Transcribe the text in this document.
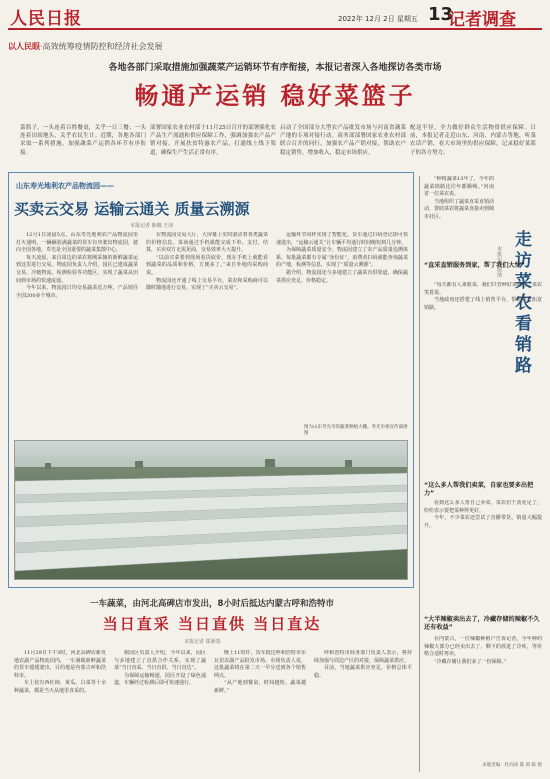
人民日报	2022年 12月 2日 星期五 13
记者调查
以人民眼·高效统筹疫情防控和经济社会发展
各地各部门采取措施加强蔬菜产运销环节有序衔接，本报记者深入各地探访各类市场
畅通产运销 稳好菜篮子
菜篮子，一头连着百姓餐桌，关乎一日三餐；一头连着田间地头，关乎农民生计。近期，各地各部门采取一系列措施，加强蔬菜产运销各环节有序衔接。
部署国家农业农村部于11月25日召开的部署强化农产品生产流通和供应保障工作，强调加强农产品产销对接，开展扶贫特惠农产品，打通线上线下渠道，确保生产生活正常有序。
启动了全国部分大型农产品批发市场与河南省蔬菜产地的专项对接行动。商务部部署国家农业农村部联合召开的同行，加强农产品产销对接，帮助农户稳定销售，增加收入，稳定市场供应。
配送半径，全力做好群众生活物资供应保障。日前，本报记者走近山东、河南、内蒙古等地，听菜农话产销，看大市场里的供应保障，记录稳好菜篮子的各方努力。
山东寿光地利农产品物流园——
买卖云交易 运输云通关 质量云溯源
本报记者 陈娜 王沛

12月1日凌晨5点，山东寿光地利农产品物流园里灯火通明。一辆辆装满蔬菜的货车有序驶出物流园，驶向全国各地。寿光是全国重要的蔬菜集散中心。

每天凌晨，来自周边的菜农将刚采摘的新鲜蔬菜运到这里进行交易。物流园负责人介绍，园区已建成蔬菜交易、冷链物流、检测检验等功能区，实现了蔬菜从田间到市场的快速流通。

今年以来，物流园日均交易蔬菜近万吨，产品销往全国200多个城市。

在物流园交易大厅，大屏幕上实时滚动着各类蔬菜的价格信息。菜商通过手机就能完成下单、支付、结算，买卖双方无需见面，交易效率大大提升。

“以前买菜要到现场看货砍价，现在手机上就能看到蔬菜的品质和价格，方便多了。”来自外地的采购商说。

物流园还开通了线上交易平台，菜农和采购商可以随时随地进行交易，实现了“买卖云交易”。

运输环节同样实现了智能化。货车通过扫码登记即可快速进出，“运输云通关”让车辆平均通行时间缩短到几分钟。

为保障蔬菜质量安全，物流园建立了农产品质量追溯体系，每批蔬菜都有专属“身份证”，消费者扫码就能查询蔬菜的产地、检测等信息，实现了“质量云溯源”。

据介绍，物流园还与多地建立了蔬菜直供渠道，确保蔬菜供应充足、价格稳定。

图为山东寿光市的蔬菜种植大棚。寿光市委宣传部供图
一车蔬菜，由河北高碑店市发出，8小时后抵达内蒙古呼和浩特市
当日直采 当日直供 当日直达
本报记者 霍新春

11月29日下午3时，河北高碑店新发地农副产品物流园内，一车满载新鲜蔬菜的货车缓缓驶出，目的地是内蒙古呼和浩特市。

车上装有西红柿、黄瓜、白菜等十余种蔬菜，都是当天从地里直采的。

据园区负责人介绍，今年以来，园区与多地建立了直供合作关系，实现了蔬菜“当日直采、当日直供、当日直达”。

为保障运输畅通，园区开设了绿色通道，车辆经过检测后即可快速通行。

晚上11时许，货车抵达呼和浩特市东瓦窑农副产品批发市场。市场负责人说，这批蔬菜将在第二天一早分送到各个销售网点。

“从产地到餐桌，时间越短，蔬菜越新鲜。”

呼和浩特市商务部门负责人表示，将持续加强与周边产区的对接，保障蔬菜供应。

目前，当地蔬菜供应充足，价格总体平稳。

走访菜农看销路
本报记者 徐靖

“种植蔬菜13年了，今年的蔬菜销路比往年都顺畅。”河南省一位菜农说。

当地组织了蔬菜直采直销活动，帮助菜农将蔬菜直接卖到城市社区。

“直采直销服务到家，帮了我们大忙”

“每天都有人来收菜，我们只管种好菜就行。”菜农笑着说。

当地政府还搭建了线上销售平台，帮助菜农拓宽销路。

“这么多人帮我们卖菜，自家也要多出把力”

看到这么多人帮自己卖菜，菜农们干劲更足了，纷纷表示要把菜种得更好。

今年，不少菜农还尝试了直播带货，销量大幅提升。

“大半辣椒卖出去了，冷藏存储的辣椒不久还有收益”

在内蒙古，一位辣椒种植户告诉记者，今年种的辣椒大部分已经卖出去了，剩下的放进了冷库，等价格合适时再卖。

“冷藏存储让我们多了一份保障。”

本版责编：杜尚泽 陈 原 陈 悦
